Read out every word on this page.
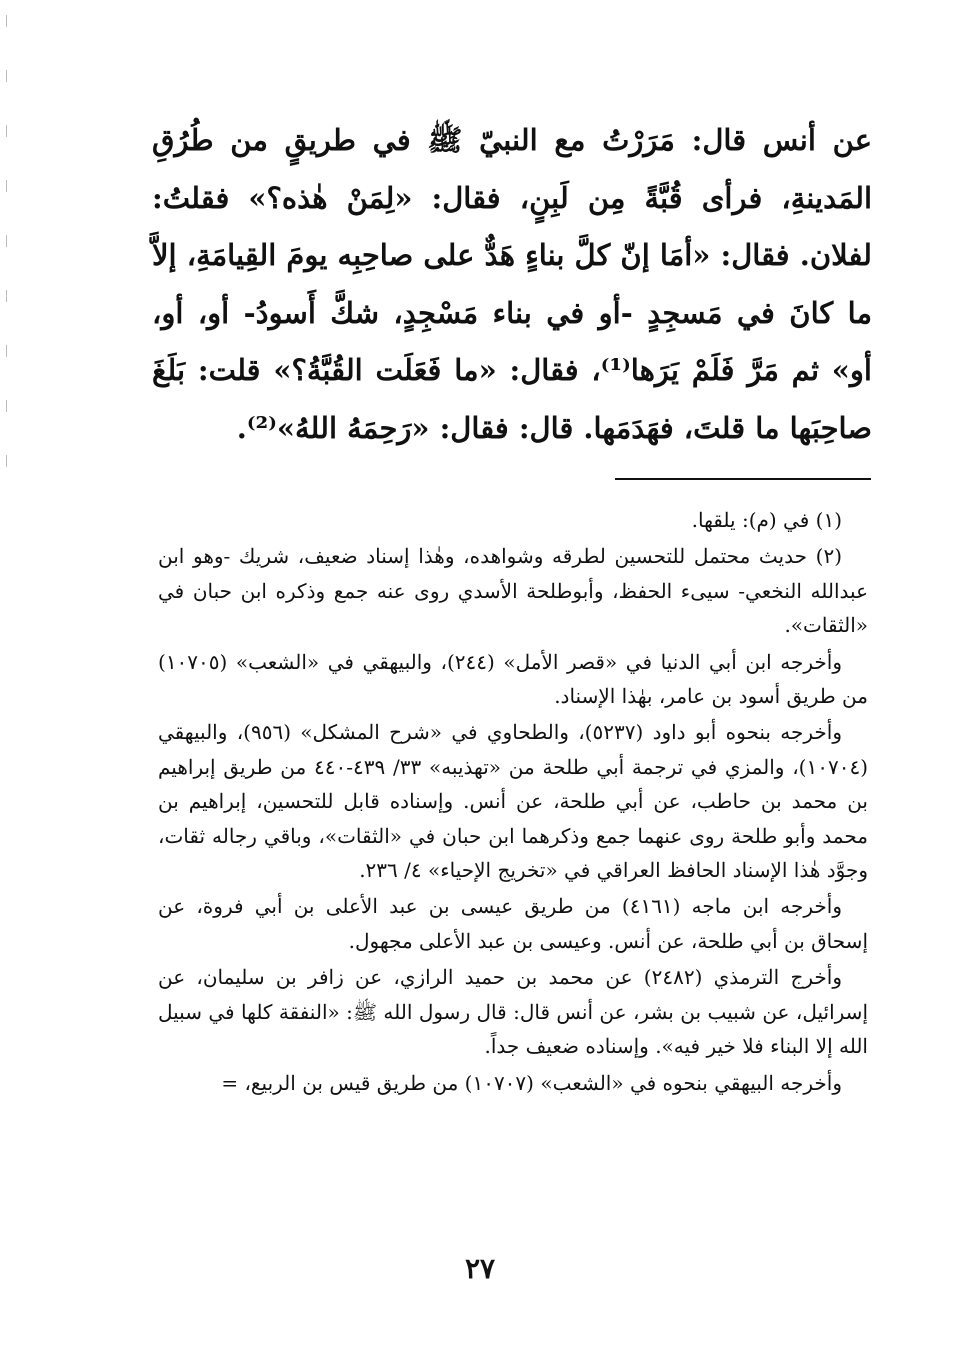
عن أنس قال: مَرَرْتُ مع النبيّ ﷺ في طريقٍ من طُرُقِ المَدينةِ، فرأى قُبَّةً مِن لَبِنٍ، فقال: «لِمَنْ هٰذه؟» فقلتُ: لفلان. فقال: «أمَا إنّ كلَّ بناءٍ هَدٌّ على صاحِبِه يومَ القِيامَةِ، إلاَّ ما كانَ في مَسجِدٍ -أو في بناء مَسْجِدٍ، شكَّ أَسودُ- أو، أو، أو» ثم مَرَّ فَلَمْ يَرَها⁽¹⁾، فقال: «ما فَعَلَت القُبَّةُ؟» قلت: بَلَغَ صاحِبَها ما قلتَ، فهَدَمَها. قال: فقال: «رَحِمَهُ اللهُ»⁽²⁾.

(١) في (م): يلقها.

(٢) حديث محتمل للتحسين لطرقه وشواهده، وهٰذا إسناد ضعيف، شريك -وهو ابن عبدالله النخعي- سيىء الحفظ، وأبوطلحة الأسدي روى عنه جمع وذكره ابن حبان في «الثقات».

وأخرجه ابن أبي الدنيا في «قصر الأمل» (٢٤٤)، والبيهقي في «الشعب» (١٠٧٠٥) من طريق أسود بن عامر، بهٰذا الإسناد.

وأخرجه بنحوه أبو داود (٥٢٣٧)، والطحاوي في «شرح المشكل» (٩٥٦)، والبيهقي (١٠٧٠٤)، والمزي في ترجمة أبي طلحة من «تهذيبه» ٣٣/ ٤٣٩-٤٤٠ من طريق إبراهيم بن محمد بن حاطب، عن أبي طلحة، عن أنس. وإسناده قابل للتحسين، إبراهيم بن محمد وأبو طلحة روى عنهما جمع وذكرهما ابن حبان في «الثقات»، وباقي رجاله ثقات، وجوَّد هٰذا الإسناد الحافظ العراقي في «تخريج الإحياء» ٤/ ٢٣٦.

وأخرجه ابن ماجه (٤١٦١) من طريق عيسى بن عبد الأعلى بن أبي فروة، عن إسحاق بن أبي طلحة، عن أنس. وعيسى بن عبد الأعلى مجهول.

وأخرج الترمذي (٢٤٨٢) عن محمد بن حميد الرازي، عن زافر بن سليمان، عن إسرائيل، عن شبيب بن بشر، عن أنس قال: قال رسول الله ﷺ: «النفقة كلها في سبيل الله إلا البناء فلا خير فيه». وإسناده ضعيف جداً.

وأخرجه البيهقي بنحوه في «الشعب» (١٠٧٠٧) من طريق قيس بن الربيع، =

٢٧
